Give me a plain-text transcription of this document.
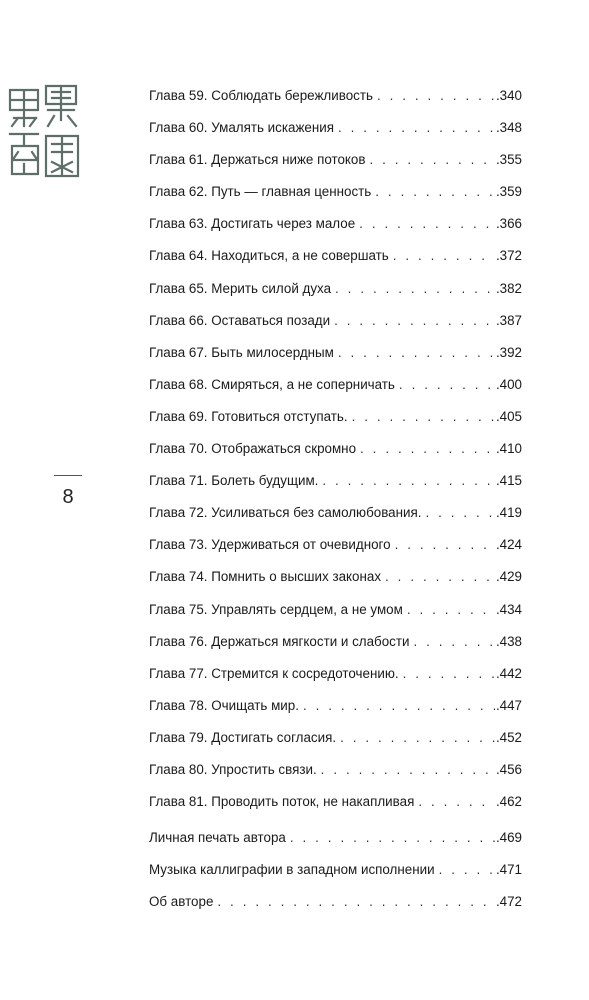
8
Глава 59. Соблюдать бережливость . . .	.340
Глава 60. Умалять искажения . . .	.348
Глава 61. Держаться ниже потоков . . .	.355
Глава 62. Путь — главная ценность . . .	.359
Глава 63. Достигать через малое . . .	.366
Глава 64. Находиться, а не совершать . . .	.372
Глава 65. Мерить силой духа . . .	.382
Глава 66. Оставаться позади . . .	.387
Глава 67. Быть милосердным . . .	.392
Глава 68. Смиряться, а не соперничать . . .	.400
Глава 69. Готовиться отступать. . . .	.405
Глава 70. Отображаться скромно . . .	.410
Глава 71. Болеть будущим. . . .	.415
Глава 72. Усиливаться без самолюбования. . . .	.419
Глава 73. Удерживаться от очевидного . . .	.424
Глава 74. Помнить о высших законах . . .	.429
Глава 75. Управлять сердцем, а не умом . . .	.434
Глава 76. Держаться мягкости и слабости . . .	.438
Глава 77. Стремится к сосредоточению. . . .	.442
Глава 78. Очищать мир. . . .	.447
Глава 79. Достигать согласия. . . .	.452
Глава 80. Упростить связи. . . .	.456
Глава 81. Проводить поток, не накапливая . . .	.462
Личная печать автора . . .	.469
Музыка каллиграфии в западном исполнении . . .	.471
Об авторе . . .	.472
